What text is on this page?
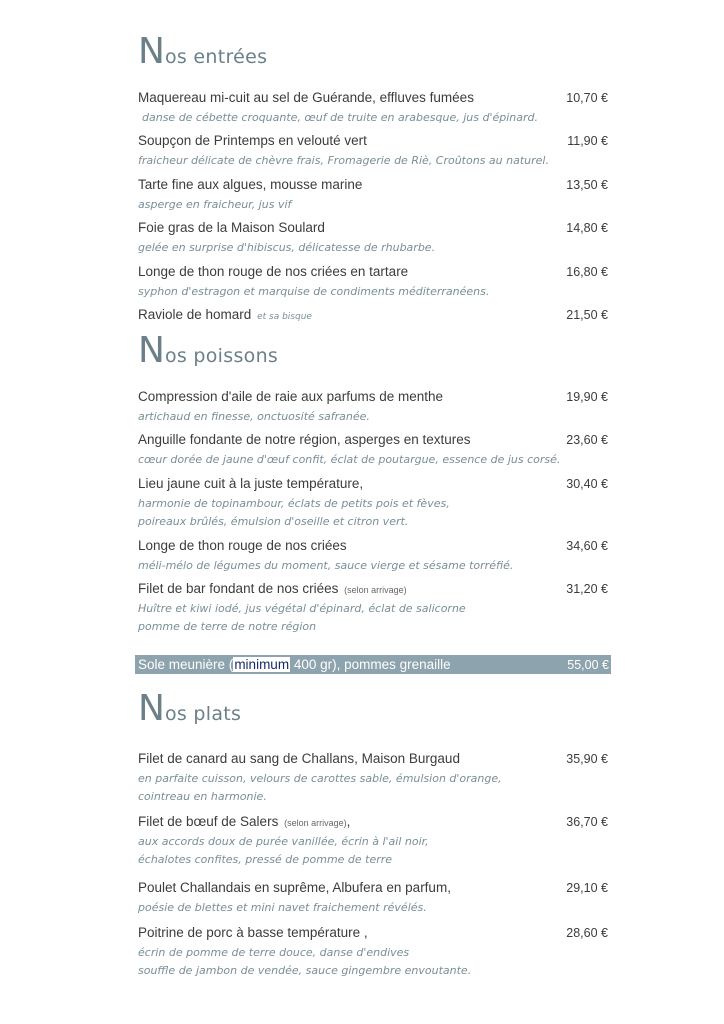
Nos entrées
Maquereau mi-cuit au sel de Guérande, effluves fumées	10,70 €
danse de cébette croquante, œuf de truite en arabesque, jus d'épinard.
Soupçon de Printemps en velouté vert	11,90 €
fraicheur délicate de chèvre frais, Fromagerie de Riè, Croûtons au naturel.
Tarte fine aux algues, mousse marine	13,50 €
asperge en fraicheur, jus vif
Foie gras de la Maison Soulard	14,80 €
gelée en surprise d'hibiscus, délicatesse de rhubarbe.
Longe de thon rouge de nos criées en tartare	16,80 €
syphon d'estragon et marquise de condiments méditerranéens.
Raviole de homard et sa bisque	21,50 €
Nos poissons
Compression d'aile de raie aux parfums de menthe	19,90 €
artichaud en finesse, onctuosité safranée.
Anguille fondante de notre région, asperges en textures	23,60 €
cœur dorée de jaune d'œuf confit, éclat de poutargue, essence de jus corsé.
Lieu jaune cuit à la juste température,	30,40 €
harmonie de topinambour, éclats de petits pois et fèves,
poireaux brûlés, émulsion d'oseille et citron vert.
Longe de thon rouge de nos criées	34,60 €
méli-mélo de légumes du moment, sauce vierge et sésame torréfié.
Filet de bar fondant de nos criées (selon arrivage)	31,20 €
Huître et kiwi iodé, jus végétal d'épinard, éclat de salicorne
pomme de terre de notre région
Sole meunière (minimum 400 gr), pommes grenaille	55,00 €
Nos plats
Filet de canard au sang de Challans, Maison Burgaud	35,90 €
en parfaite cuisson, velours de carottes sable, émulsion d'orange,
cointreau en harmonie.
Filet de bœuf de Salers (selon arrivage),	36,70 €
aux accords doux de purée vanillée, écrin à l'ail noir,
échalotes confites, pressé de pomme de terre
Poulet Challandais en suprême, Albufera en parfum,	29,10 €
poésie de blettes et mini navet fraichement révélés.
Poitrine de porc à basse température ,	28,60 €
écrin de pomme de terre douce, danse d'endives
souffle de jambon de vendée, sauce gingembre envoutante.
